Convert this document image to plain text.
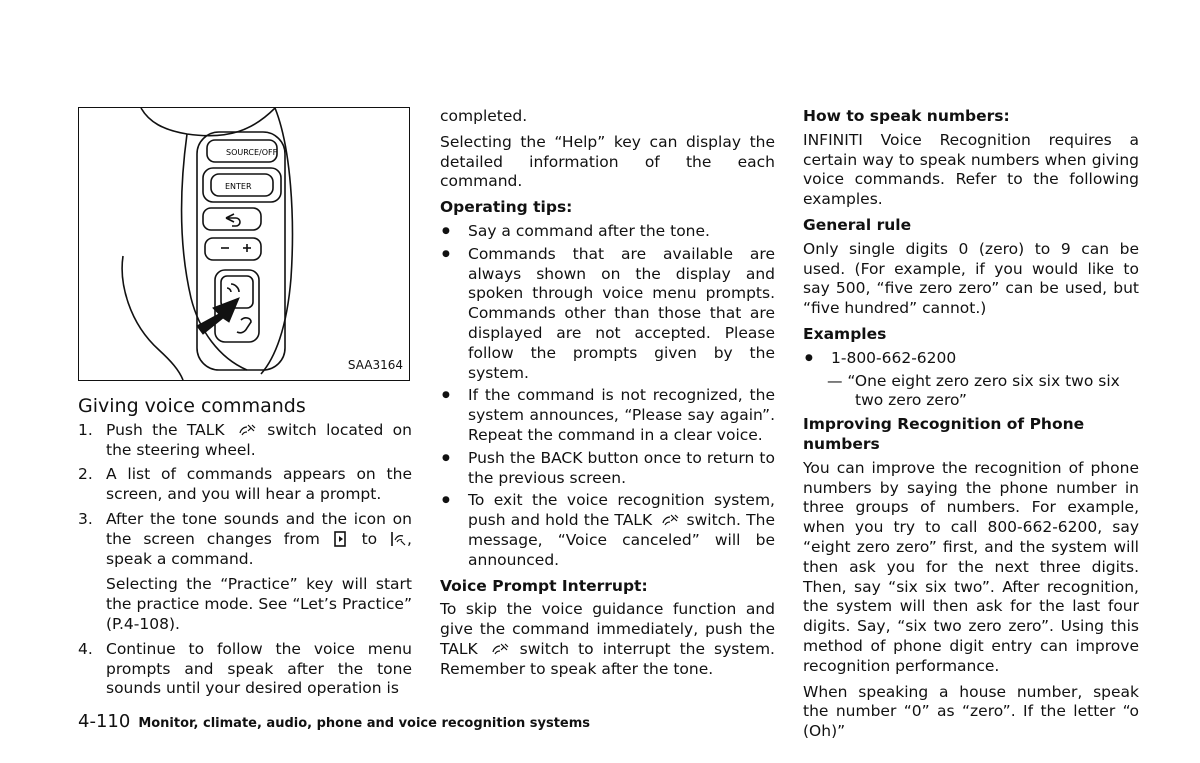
SOURCE/OFF
ENTER
SAA3164
Giving voice commands
1. Push the TALK	switch located on the steering wheel.
2. A list of commands appears on the screen, and you will hear a prompt.
3. After the tone sounds and the icon on the screen changes from	to , speak a command.

Selecting the “Practice” key will start the practice mode. See “Let’s Practice” (P.4-108).

4. Continue to follow the voice menu prompts and speak after the tone sounds until your desired operation is

completed.

Selecting the “Help” key can display the detailed information of the each command.

Operating tips:
● Say a command after the tone.
● Commands that are available are always shown on the display and spoken through voice menu prompts. Commands other than those that are displayed are not accepted. Please follow the prompts given by the system.
● If the command is not recognized, the system announces, “Please say again”. Repeat the command in a clear voice.
● Push the BACK button once to return to the previous screen.
● To exit the voice recognition system, push and hold the TALK switch. The message, “Voice canceled” will be announced.
Voice Prompt Interrupt:

To skip the voice guidance function and give the command immediately, push the TALK	switch to interrupt the system. Remember to speak after the tone.

How to speak numbers:

INFINITI Voice Recognition requires a certain way to speak numbers when giving voice commands. Refer to the following examples.

General rule

Only single digits 0 (zero) to 9 can be used. (For example, if you would like to say 500, “five zero zero” can be used, but “five hundred” cannot.)

Examples
● 1-800-662-6200

— “One eight zero zero six six two six two zero zero”

Improving Recognition of Phone numbers

You can improve the recognition of phone numbers by saying the phone number in three groups of numbers. For example, when you try to call 800-662-6200, say “eight zero zero” first, and the system will then ask you for the next three digits. Then, say “six six two”. After recognition, the system will then ask for the last four digits. Say, “six two zero zero”. Using this method of phone digit entry can improve recognition performance.

When speaking a house number, speak the number “0” as “zero”. If the letter “o (Oh)”

4-110 Monitor, climate, audio, phone and voice recognition systems
